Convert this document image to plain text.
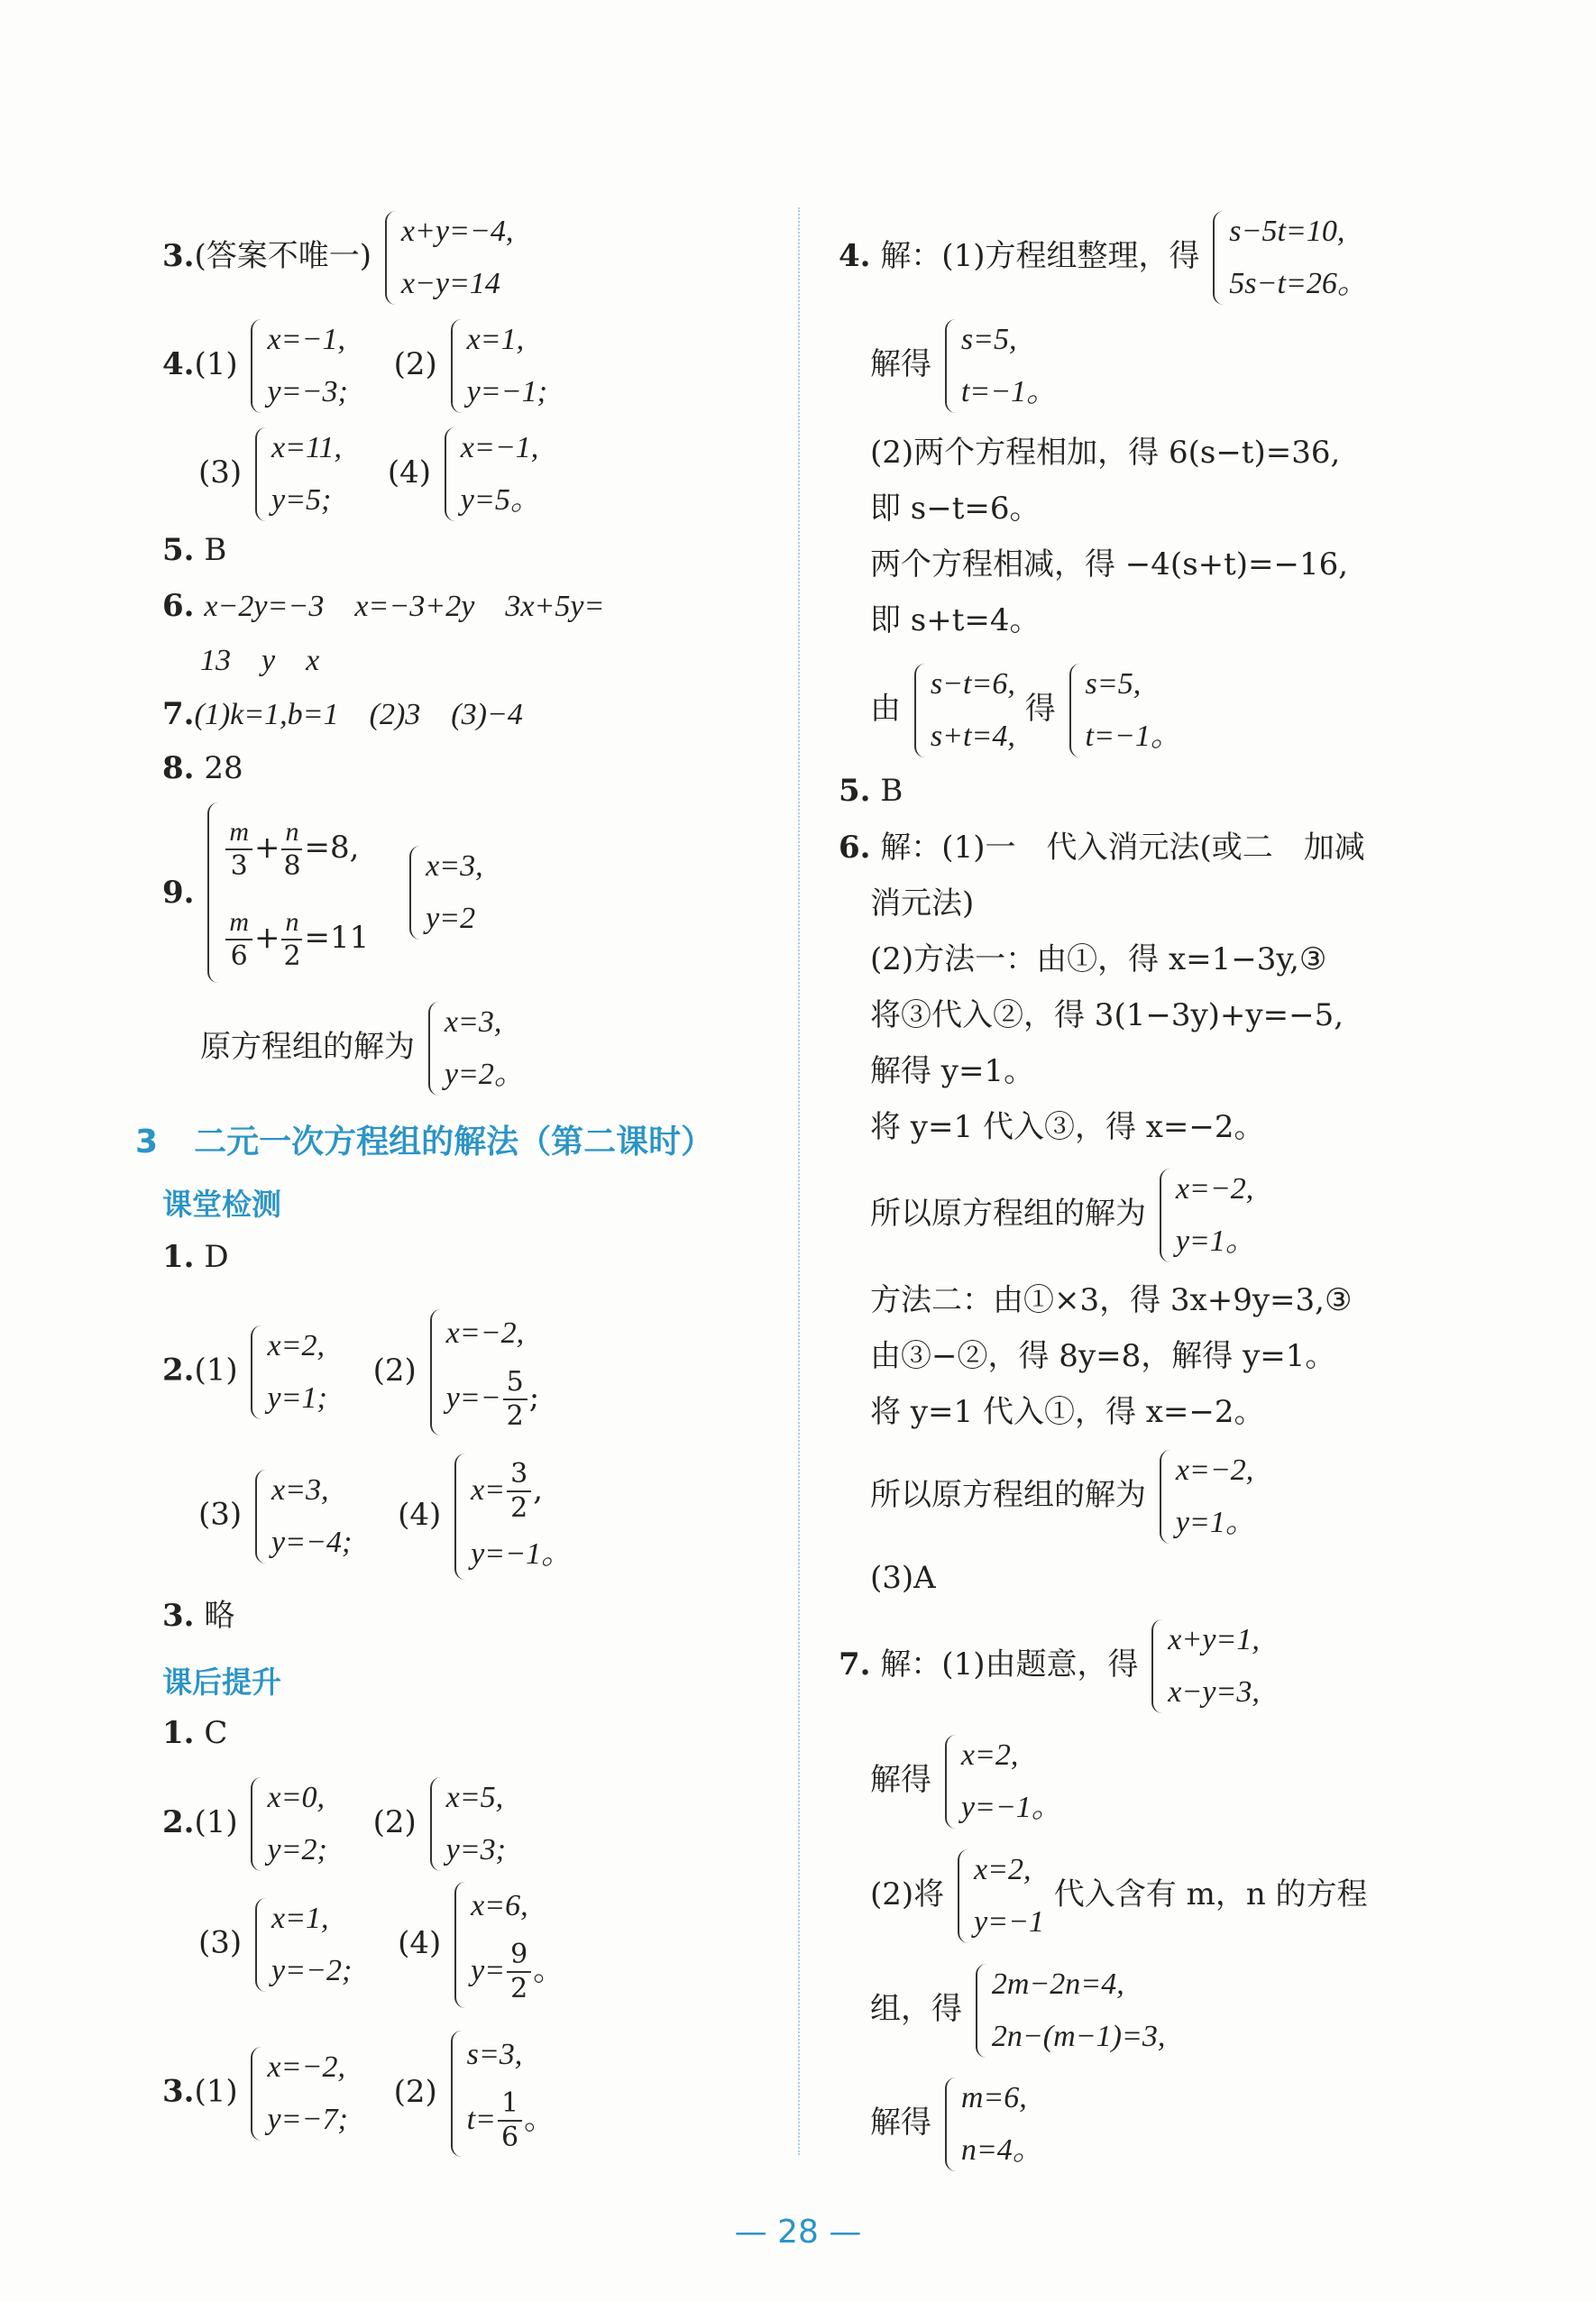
3.(答案不唯一)
x+y=−4,
x−y=14
4.(1)
x=−1,
y=−3;
(2)
x=1,
y=−1;
(3)
x=11,
y=5;
(4)
x=−1,
y=5。
5. B
6. x−2y=−3　x=−3+2y　3x+5y=
13　y　x
7.(1)k=1,b=1　(2)3　(3)−4
8. 28
9.
$\frac{m}{3} + \frac{n}{8} =8$,
$\frac{m}{6} + \frac{n}{2} =11$

x=3,
y=2
原方程组的解为
x=3,
y=2。
3 二元一次方程组的解法（第二课时）
课堂检测
1. D
2.(1)
x=2,
y=1;
(2)
x=−2,
$y=- \frac{5}{2}$ ;
(3)
x=3,
y=−4;
(4)
$x= \frac{3}{2}$ ,
y=−1。
3. 略
课后提升
1. C
2.(1)
x=0,
y=2;
(2)
x=5,
y=3;
(3)
x=1,
y=−2;
(4)
x=6,
$y= \frac{9}{2}$ 。
3.(1)
x=−2,
y=−7;
(2)
s=3,
$t= \frac{1}{6}$ 。
4. 解：(1)方程组整理，得
s−5t=10,
5s−t=26。
解得
s=5,
t=−1。
(2)两个方程相加，得 6(s−t)=36,
即 s−t=6。
两个方程相减，得 −4(s+t)=−16,
即 s+t=4。
由
s−t=6,
s+t=4,
得
s=5,
t=−1。
5. B
6. 解：(1)一　代入消元法(或二　加减
消元法)
(2)方法一：由①，得 x=1−3y,③
将③代入②，得 3(1−3y)+y=−5,
解得 y=1。
将 y=1 代入③，得 x=−2。
所以原方程组的解为
x=−2,
y=1。
方法二：由①×3，得 3x+9y=3,③
由③−②，得 8y=8，解得 y=1。
将 y=1 代入①，得 x=−2。
所以原方程组的解为
x=−2,
y=1。
(3)A
7. 解：(1)由题意，得
x+y=1,
x−y=3,
解得
x=2,
y=−1。
(2)将
x=2,
y=−1
代入含有 m，n 的方程
组，得
2m−2n=4,
2n−(m−1)=3,
解得
m=6,
n=4。
— 28 —
